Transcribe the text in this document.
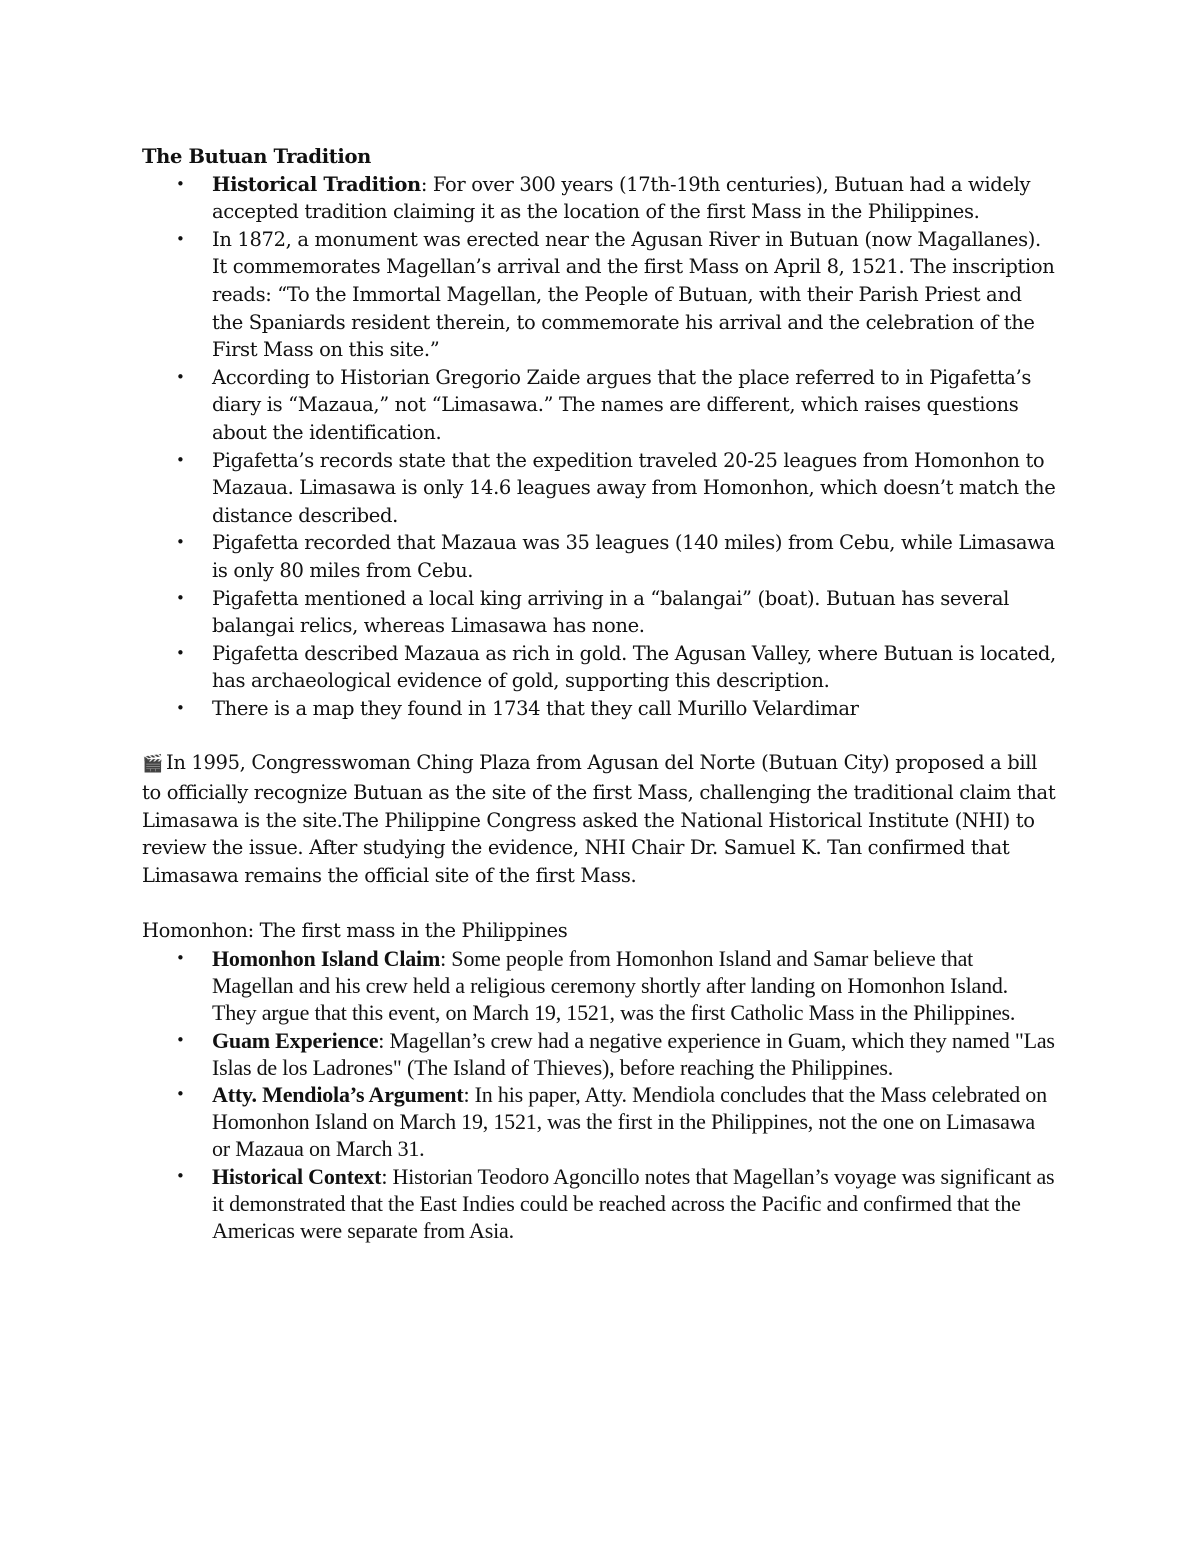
The Butuan Tradition
• Historical Tradition: For over 300 years (17th-19th centuries), Butuan had a widely accepted tradition claiming it as the location of the first Mass in the Philippines.
• In 1872, a monument was erected near the Agusan River in Butuan (now Magallanes). It commemorates Magellan’s arrival and the first Mass on April 8, 1521. The inscription reads: “To the Immortal Magellan, the People of Butuan, with their Parish Priest and the Spaniards resident therein, to commemorate his arrival and the celebration of the First Mass on this site.”
• According to Historian Gregorio Zaide argues that the place referred to in Pigafetta’s diary is “Mazaua,” not “Limasawa.” The names are different, which raises questions about the identification.
• Pigafetta’s records state that the expedition traveled 20-25 leagues from Homonhon to Mazaua. Limasawa is only 14.6 leagues away from Homonhon, which doesn’t match the distance described.
• Pigafetta recorded that Mazaua was 35 leagues (140 miles) from Cebu, while Limasawa is only 80 miles from Cebu.
• Pigafetta mentioned a local king arriving in a “balangai” (boat). Butuan has several balangai relics, whereas Limasawa has none.
• Pigafetta described Mazaua as rich in gold. The Agusan Valley, where Butuan is located, has archaeological evidence of gold, supporting this description.
• There is a map they found in 1734 that they call Murillo Velardimar

🎬 In 1995, Congresswoman Ching Plaza from Agusan del Norte (Butuan City) proposed a bill to officially recognize Butuan as the site of the first Mass, challenging the traditional claim that Limasawa is the site.The Philippine Congress asked the National Historical Institute (NHI) to review the issue. After studying the evidence, NHI Chair Dr. Samuel K. Tan confirmed that Limasawa remains the official site of the first Mass.

Homonhon: The first mass in the Philippines

• Homonhon Island Claim: Some people from Homonhon Island and Samar believe that Magellan and his crew held a religious ceremony shortly after landing on Homonhon Island. They argue that this event, on March 19, 1521, was the first Catholic Mass in the Philippines.
• Guam Experience: Magellan’s crew had a negative experience in Guam, which they named "Las Islas de los Ladrones" (The Island of Thieves), before reaching the Philippines.
• Atty. Mendiola’s Argument: In his paper, Atty. Mendiola concludes that the Mass celebrated on Homonhon Island on March 19, 1521, was the first in the Philippines, not the one on Limasawa or Mazaua on March 31.
• Historical Context: Historian Teodoro Agoncillo notes that Magellan’s voyage was significant as it demonstrated that the East Indies could be reached across the Pacific and confirmed that the Americas were separate from Asia.
